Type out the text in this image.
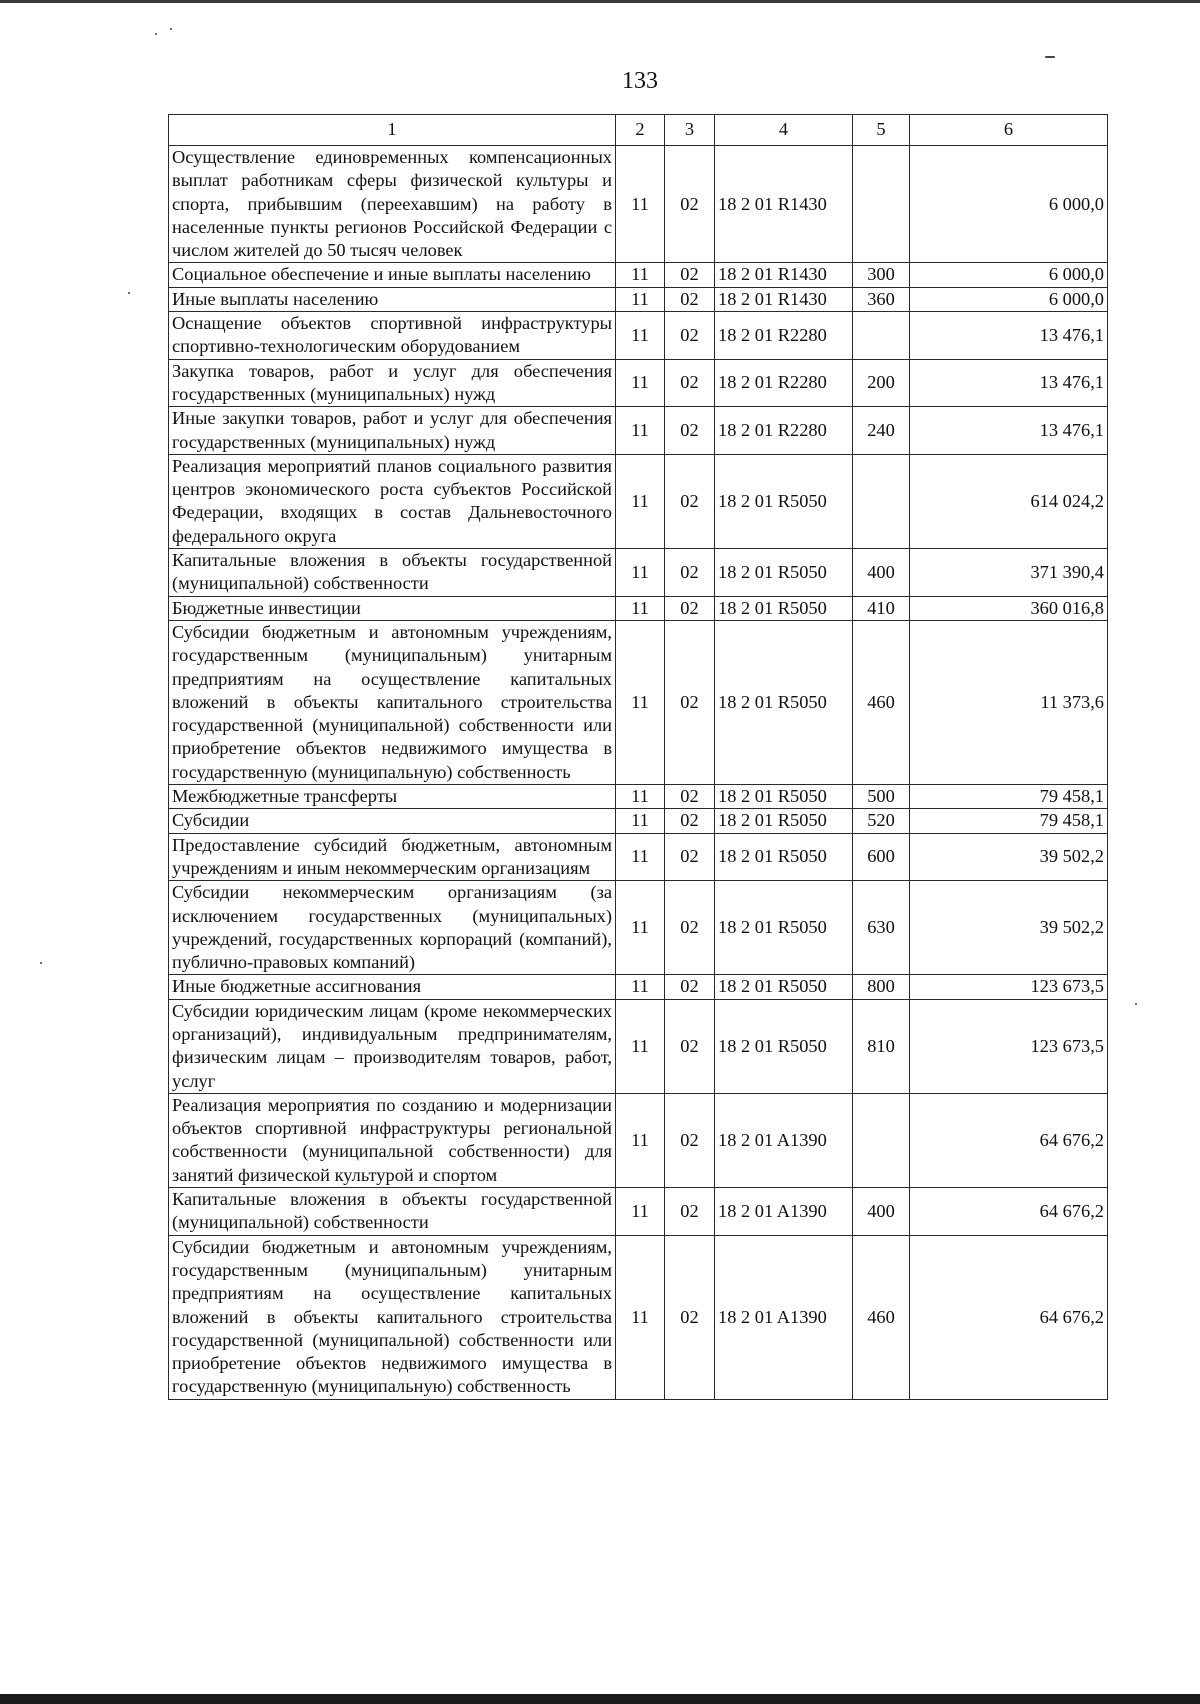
133
1	2	3	4	5	6
Осуществление единовременных компенсационных выплат работникам сферы физической культуры и спорта, прибывшим (переехавшим) на работу в населенные пункты регионов Российской Федерации с числом жителей до 50 тысяч человек	11	02	18 2 01 R1430		6 000,0
Социальное обеспечение и иные выплаты населению	11	02	18 2 01 R1430	300	6 000,0
Иные выплаты населению	11	02	18 2 01 R1430	360	6 000,0
Оснащение объектов спортивной инфраструктуры спортивно-технологическим оборудованием	11	02	18 2 01 R2280		13 476,1
Закупка товаров, работ и услуг для обеспечения государственных (муниципальных) нужд	11	02	18 2 01 R2280	200	13 476,1
Иные закупки товаров, работ и услуг для обеспечения государственных (муниципальных) нужд	11	02	18 2 01 R2280	240	13 476,1
Реализация мероприятий планов социального развития центров экономического роста субъектов Российской Федерации, входящих в состав Дальневосточного федерального округа	11	02	18 2 01 R5050		614 024,2
Капитальные вложения в объекты государственной (муниципальной) собственности	11	02	18 2 01 R5050	400	371 390,4
Бюджетные инвестиции	11	02	18 2 01 R5050	410	360 016,8
Субсидии бюджетным и автономным учреждениям, государственным (муниципальным) унитарным предприятиям на осуществление капитальных вложений в объекты капитального строительства государственной (муниципальной) собственности или приобретение объектов недвижимого имущества в государственную (муниципальную) собственность	11	02	18 2 01 R5050	460	11 373,6
Межбюджетные трансферты	11	02	18 2 01 R5050	500	79 458,1
Субсидии	11	02	18 2 01 R5050	520	79 458,1
Предоставление субсидий бюджетным, автономным учреждениям и иным некоммерческим организациям	11	02	18 2 01 R5050	600	39 502,2
Субсидии некоммерческим организациям (за исключением государственных (муниципальных) учреждений, государственных корпораций (компаний), публично-правовых компаний)	11	02	18 2 01 R5050	630	39 502,2
Иные бюджетные ассигнования	11	02	18 2 01 R5050	800	123 673,5
Субсидии юридическим лицам (кроме некоммерческих организаций), индивидуальным предпринимателям, физическим лицам – производителям товаров, работ, услуг	11	02	18 2 01 R5050	810	123 673,5
Реализация мероприятия по созданию и модернизации объектов спортивной инфраструктуры региональной собственности (муниципальной собственности) для занятий физической культурой и спортом	11	02	18 2 01 A1390		64 676,2
Капитальные вложения в объекты государственной (муниципальной) собственности	11	02	18 2 01 A1390	400	64 676,2
Субсидии бюджетным и автономным учреждениям, государственным (муниципальным) унитарным предприятиям на осуществление капитальных вложений в объекты капитального строительства государственной (муниципальной) собственности или приобретение объектов недвижимого имущества в государственную (муниципальную) собственность	11	02	18 2 01 A1390	460	64 676,2
